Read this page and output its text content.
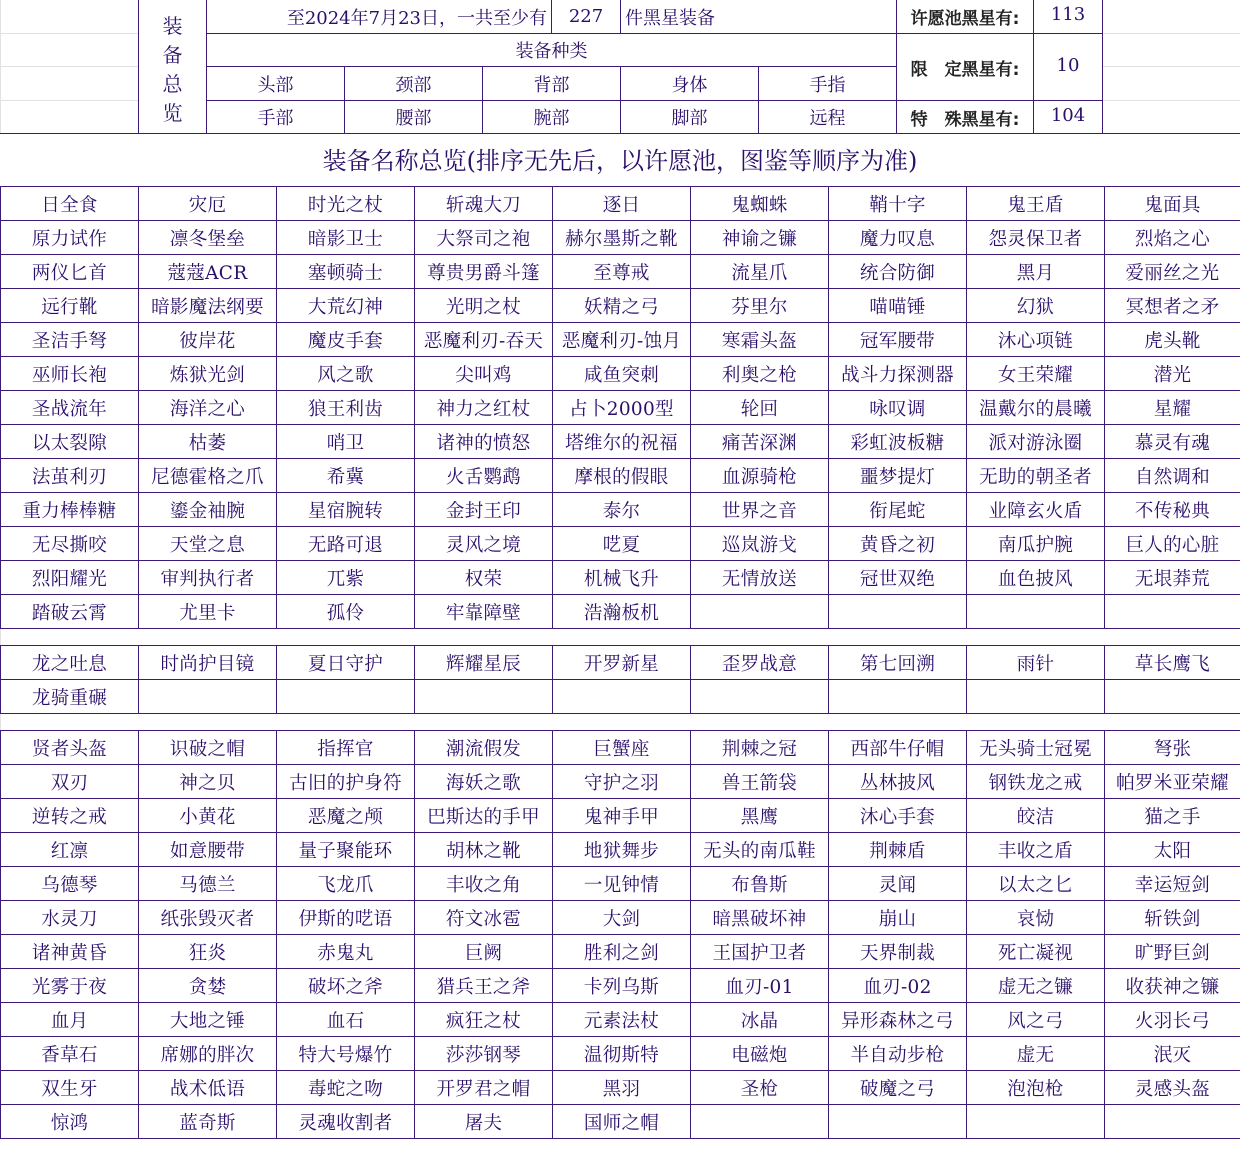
装
备
总
览
至2024年7月23日，一共至少有	227	件黑星装备
装备种类
头部	颈部	背部	身体	手指
手部	腰部	腕部	脚部	远程
许愿池黑星有:	113
限　定黑星有:	10
特　殊黑星有:	104
装备名称总览(排序无先后，以许愿池，图鉴等顺序为准)
日全食	灾厄	时光之杖	斩魂大刀	逐日	鬼蜘蛛	鞘十字	鬼王盾	鬼面具
原力试作	凛冬堡垒	暗影卫士	大祭司之袍	赫尔墨斯之靴	神谕之镰	魔力叹息	怨灵保卫者	烈焰之心
两仪匕首	蔻蔻ACR	塞顿骑士	尊贵男爵斗篷	至尊戒	流星爪	统合防御	黑月	爱丽丝之光
远行靴	暗影魔法纲要	大荒幻神	光明之杖	妖精之弓	芬里尔	喵喵锤	幻狱	冥想者之矛
圣洁手弩	彼岸花	魔皮手套	恶魔利刃-吞天	恶魔利刃-蚀月	寒霜头盔	冠军腰带	沐心项链	虎头靴
巫师长袍	炼狱光剑	风之歌	尖叫鸡	咸鱼突刺	利奥之枪	战斗力探测器	女王荣耀	潜光
圣战流年	海洋之心	狼王利齿	神力之红杖	占卜2000型	轮回	咏叹调	温戴尔的晨曦	星耀
以太裂隙	枯萎	哨卫	诸神的愤怒	塔维尔的祝福	痛苦深渊	彩虹波板糖	派对游泳圈	慕灵有魂
法茧利刃	尼德霍格之爪	希冀	火舌鹦鹉	摩根的假眼	血源骑枪	噩梦提灯	无助的朝圣者	自然调和
重力棒棒糖	鎏金袖腕	星宿腕转	金封王印	泰尔	世界之音	衔尾蛇	业障玄火盾	不传秘典
无尽撕咬	天堂之息	无路可退	灵风之境	呓夏	巡岚游戈	黄昏之初	南瓜护腕	巨人的心脏
烈阳耀光	审判执行者	兀紫	权荣	机械飞升	无情放送	冠世双绝	血色披风	无垠莽荒
踏破云霄	尤里卡	孤伶	牢靠障壁	浩瀚板机				
龙之吐息	时尚护目镜	夏日守护	辉耀星辰	开罗新星	歪罗战意	第七回溯	雨针	草长鹰飞
龙骑重碾								
贤者头盔	识破之帽	指挥官	潮流假发	巨蟹座	荆棘之冠	西部牛仔帽	无头骑士冠冕	弩张
双刃	神之贝	古旧的护身符	海妖之歌	守护之羽	兽王箭袋	丛林披风	钢铁龙之戒	帕罗米亚荣耀
逆转之戒	小黄花	恶魔之颅	巴斯达的手甲	鬼神手甲	黑鹰	沐心手套	皎洁	猫之手
红凛	如意腰带	量子聚能环	胡林之靴	地狱舞步	无头的南瓜鞋	荆棘盾	丰收之盾	太阳
乌德琴	马德兰	飞龙爪	丰收之角	一见钟情	布鲁斯	灵闻	以太之匕	幸运短剑
水灵刀	纸张毁灭者	伊斯的呓语	符文冰雹	大剑	暗黑破坏神	崩山	哀恸	斩铁剑
诸神黄昏	狂炎	赤鬼丸	巨阙	胜利之剑	王国护卫者	天界制裁	死亡凝视	旷野巨剑
光雾于夜	贪婪	破坏之斧	猎兵王之斧	卡列乌斯	血刃-01	血刃-02	虚无之镰	收获神之镰
血月	大地之锤	血石	疯狂之杖	元素法杖	冰晶	异形森林之弓	风之弓	火羽长弓
香草石	席娜的胖次	特大号爆竹	莎莎钢琴	温彻斯特	电磁炮	半自动步枪	虚无	泯灭
双生牙	战术低语	毒蛇之吻	开罗君之帽	黑羽	圣枪	破魔之弓	泡泡枪	灵感头盔
惊鸿	蓝奇斯	灵魂收割者	屠夫	国师之帽				
